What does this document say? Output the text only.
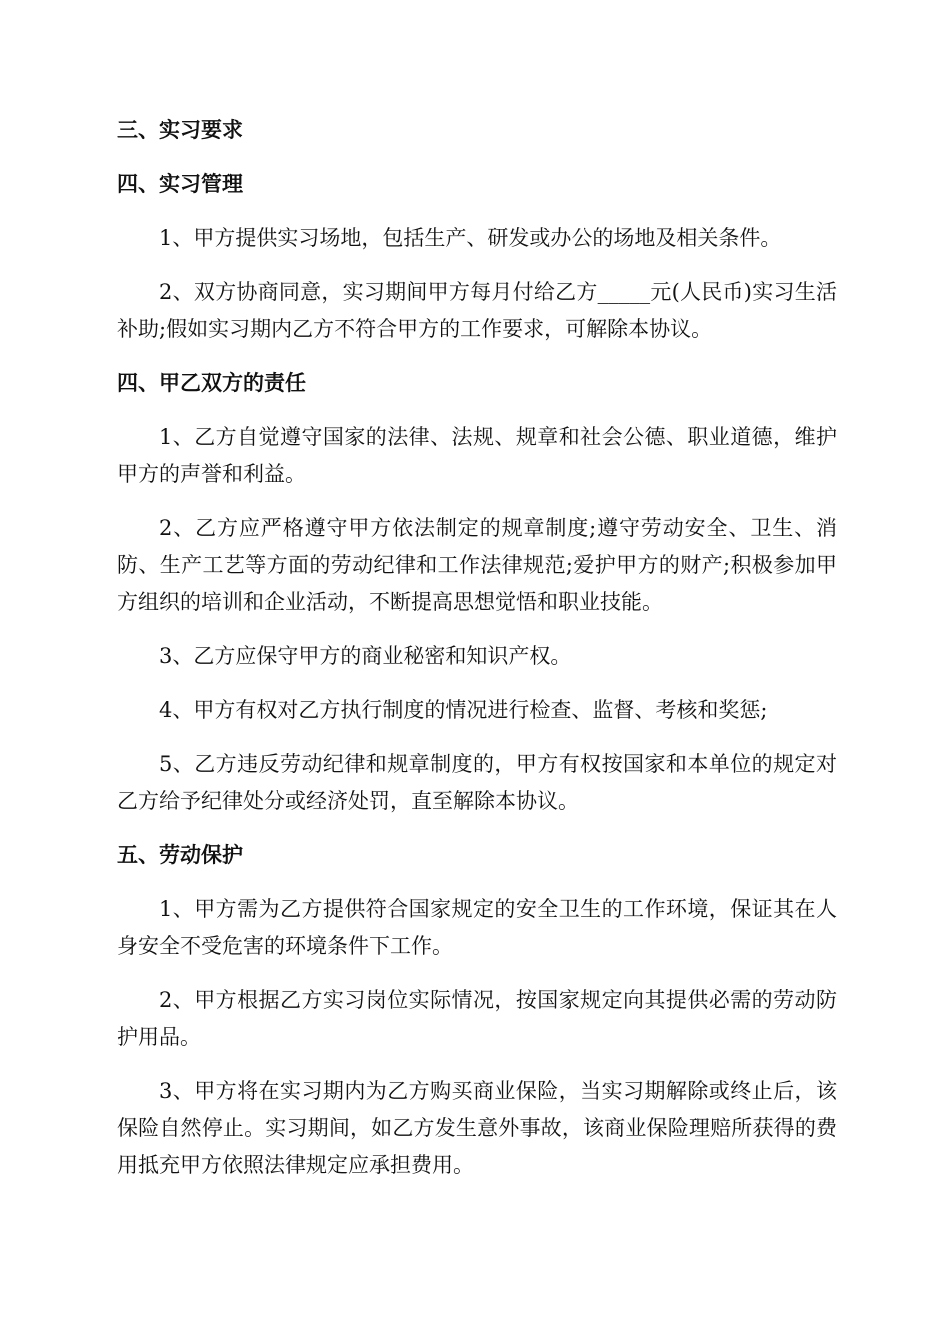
三、实习要求
四、实习管理

1、甲方提供实习场地，包括生产、研发或办公的场地及相关条件。

2、双方协商同意，实习期间甲方每月付给乙方_____元(人民币)实习生活补助;假如实习期内乙方不符合甲方的工作要求，可解除本协议。

四、甲乙双方的责任

1、乙方自觉遵守国家的法律、法规、规章和社会公德、职业道德，维护甲方的声誉和利益。

2、乙方应严格遵守甲方依法制定的规章制度;遵守劳动安全、卫生、消防、生产工艺等方面的劳动纪律和工作法律规范;爱护甲方的财产;积极参加甲方组织的培训和企业活动，不断提高思想觉悟和职业技能。

3、乙方应保守甲方的商业秘密和知识产权。

4、甲方有权对乙方执行制度的情况进行检查、监督、考核和奖惩;

5、乙方违反劳动纪律和规章制度的，甲方有权按国家和本单位的规定对乙方给予纪律处分或经济处罚，直至解除本协议。

五、劳动保护

1、甲方需为乙方提供符合国家规定的安全卫生的工作环境，保证其在人身安全不受危害的环境条件下工作。

2、甲方根据乙方实习岗位实际情况，按国家规定向其提供必需的劳动防护用品。

3、甲方将在实习期内为乙方购买商业保险，当实习期解除或终止后，该保险自然停止。实习期间，如乙方发生意外事故，该商业保险理赔所获得的费用抵充甲方依照法律规定应承担费用。
